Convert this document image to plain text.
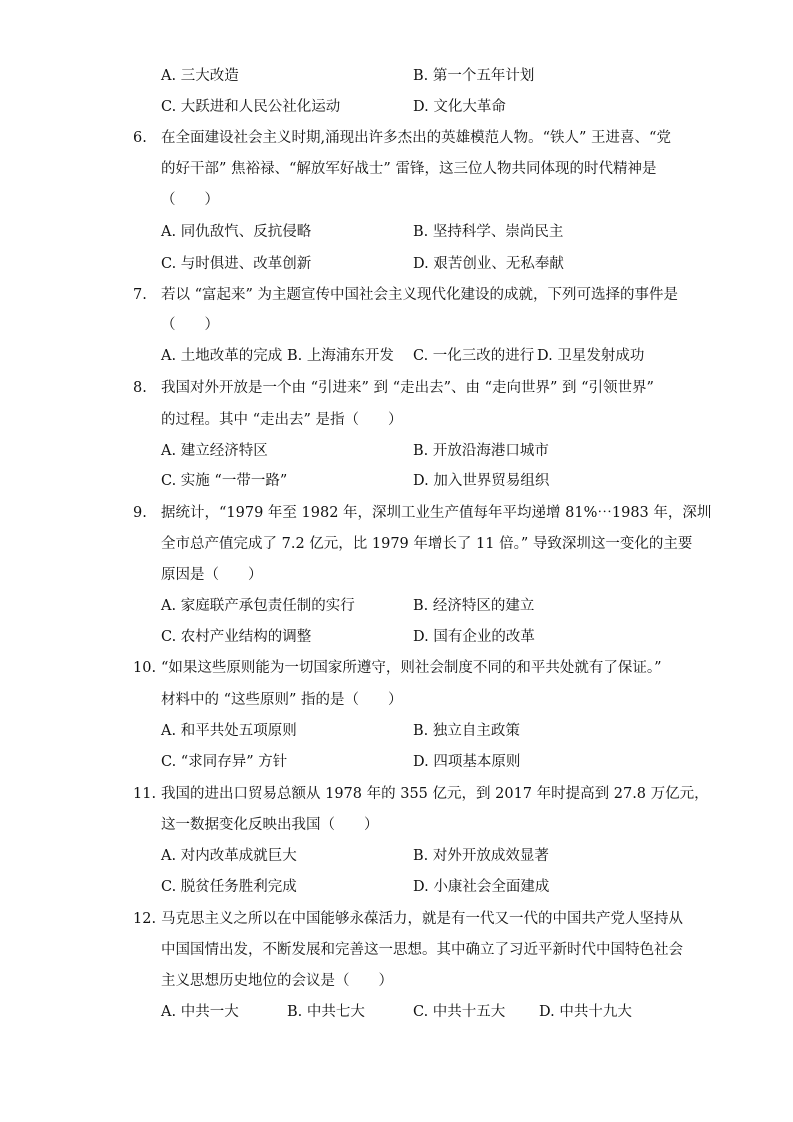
A. 三大改造	B. 第一个五年计划
C. 大跃进和人民公社化运动	D. 文化大革命
6. 在全面建设社会主义时期,涌现出许多杰出的英雄模范人物。“铁人” 王进喜、“党
的好干部” 焦裕禄、“解放军好战士” 雷锋，这三位人物共同体现的时代精神是
（　　）
A. 同仇敌忾、反抗侵略	B. 坚持科学、崇尚民主
C. 与时俱进、改革创新	D. 艰苦创业、无私奉献
7. 若以 “富起来” 为主题宣传中国社会主义现代化建设的成就，下列可选择的事件是
（　　）
A. 土地改革的完成 B. 上海浦东开发 C. 一化三改的进行 D. 卫星发射成功
8. 我国对外开放是一个由 “引进来” 到 “走出去”、由 “走向世界” 到 “引领世界”
的过程。其中 “走出去” 是指（　　）
A. 建立经济特区	B. 开放沿海港口城市
C. 实施 “一带一路”	D. 加入世界贸易组织
9. 据统计，“1979 年至 1982 年，深圳工业生产值每年平均递增 81%⋯1983 年，深圳
全市总产值完成了 7.2 亿元，比 1979 年增长了 11 倍。” 导致深圳这一变化的主要
原因是（　　）
A. 家庭联产承包责任制的实行	B. 经济特区的建立
C. 农村产业结构的调整	D. 国有企业的改革
10. “如果这些原则能为一切国家所遵守，则社会制度不同的和平共处就有了保证。”
材料中的 “这些原则” 指的是（　　）
A. 和平共处五项原则	B. 独立自主政策
C. “求同存异” 方针	D. 四项基本原则
11. 我国的进出口贸易总额从 1978 年的 355 亿元，到 2017 年时提高到 27.8 万亿元，
这一数据变化反映出我国（　　）
A. 对内改革成就巨大	B. 对外开放成效显著
C. 脱贫任务胜利完成	D. 小康社会全面建成
12. 马克思主义之所以在中国能够永葆活力，就是有一代又一代的中国共产党人坚持从
中国国情出发，不断发展和完善这一思想。其中确立了习近平新时代中国特色社会
主义思想历史地位的会议是（　　）
A. 中共一大	B. 中共七大	C. 中共十五大 D. 中共十九大
